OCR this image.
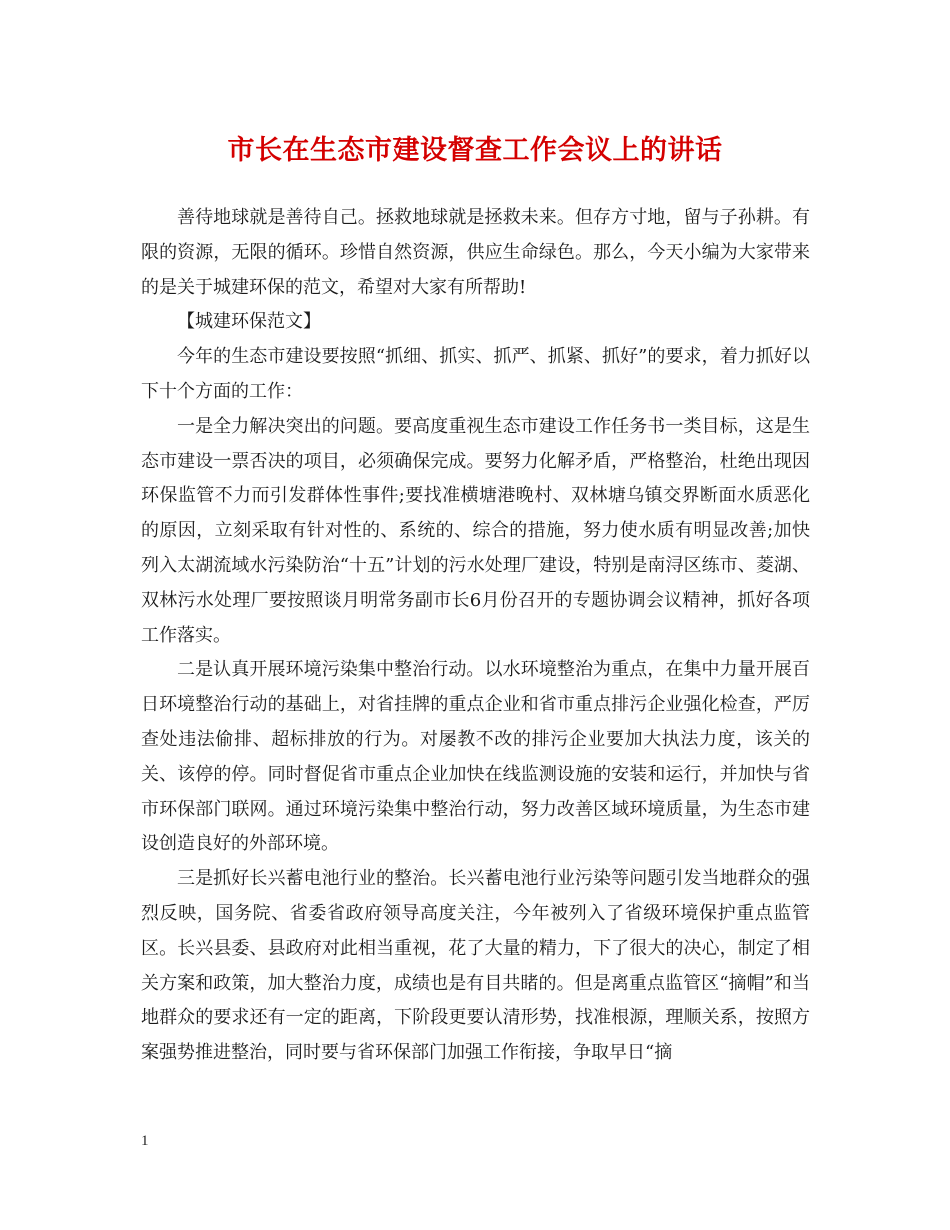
市长在生态市建设督查工作会议上的讲话

善待地球就是善待自己。拯救地球就是拯救未来。但存方寸地，留与子孙耕。有限的资源，无限的循环。珍惜自然资源，供应生命绿色。那么，今天小编为大家带来的是关于城建环保的范文，希望对大家有所帮助!

【城建环保范文】

今年的生态市建设要按照“抓细、抓实、抓严、抓紧、抓好”的要求，着力抓好以下十个方面的工作：

一是全力解决突出的问题。要高度重视生态市建设工作任务书一类目标，这是生态市建设一票否决的项目，必须确保完成。要努力化解矛盾，严格整治，杜绝出现因环保监管不力而引发群体性事件;要找准横塘港晚村、双林塘乌镇交界断面水质恶化的原因，立刻采取有针对性的、系统的、综合的措施，努力使水质有明显改善;加快列入太湖流域水污染防治“十五”计划的污水处理厂建设，特别是南浔区练市、菱湖、双林污水处理厂要按照谈月明常务副市长6月份召开的专题协调会议精神，抓好各项工作落实。

二是认真开展环境污染集中整治行动。以水环境整治为重点，在集中力量开展百日环境整治行动的基础上，对省挂牌的重点企业和省市重点排污企业强化检查，严厉查处违法偷排、超标排放的行为。对屡教不改的排污企业要加大执法力度，该关的关、该停的停。同时督促省市重点企业加快在线监测设施的安装和运行，并加快与省市环保部门联网。通过环境污染集中整治行动，努力改善区域环境质量，为生态市建设创造良好的外部环境。

三是抓好长兴蓄电池行业的整治。长兴蓄电池行业污染等问题引发当地群众的强烈反映，国务院、省委省政府领导高度关注，今年被列入了省级环境保护重点监管区。长兴县委、县政府对此相当重视，花了大量的精力，下了很大的决心，制定了相关方案和政策，加大整治力度，成绩也是有目共睹的。但是离重点监管区“摘帽”和当地群众的要求还有一定的距离，下阶段更要认清形势，找准根源，理顺关系，按照方案强势推进整治，同时要与省环保部门加强工作衔接，争取早日“摘

1
